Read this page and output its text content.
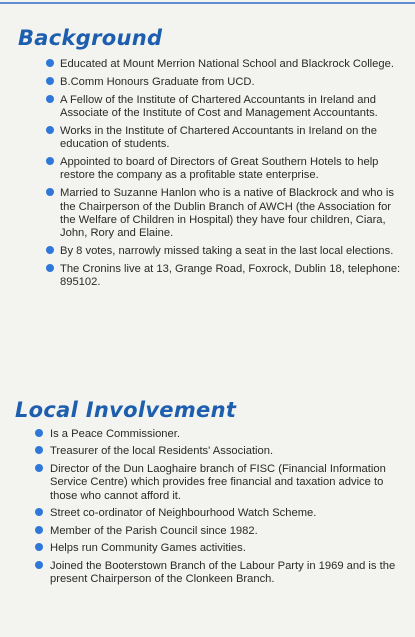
Background
Educated at Mount Merrion National School and Blackrock College.
B.Comm Honours Graduate from UCD.
A Fellow of the Institute of Chartered Accountants in Ireland and Associate of the Institute of Cost and Management Accountants.
Works in the Institute of Chartered Accountants in Ireland on the education of students.
Appointed to board of Directors of Great Southern Hotels to help restore the company as a profitable state enterprise.
Married to Suzanne Hanlon who is a native of Blackrock and who is the Chairperson of the Dublin Branch of AWCH (the Association for the Welfare of Children in Hospital) they have four children, Ciara, John, Rory and Elaine.
By 8 votes, narrowly missed taking a seat in the last local elections.
The Cronins live at 13, Grange Road, Foxrock, Dublin 18, telephone: 895102.
Local Involvement
Is a Peace Commissioner.
Treasurer of the local Residents' Association.
Director of the Dun Laoghaire branch of FISC (Financial Information Service Centre) which provides free financial and taxation advice to those who cannot afford it.
Street co-ordinator of Neighbourhood Watch Scheme.
Member of the Parish Council since 1982.
Helps run Community Games activities.
Joined the Booterstown Branch of the Labour Party in 1969 and is the present Chairperson of the Clonkeen Branch.
